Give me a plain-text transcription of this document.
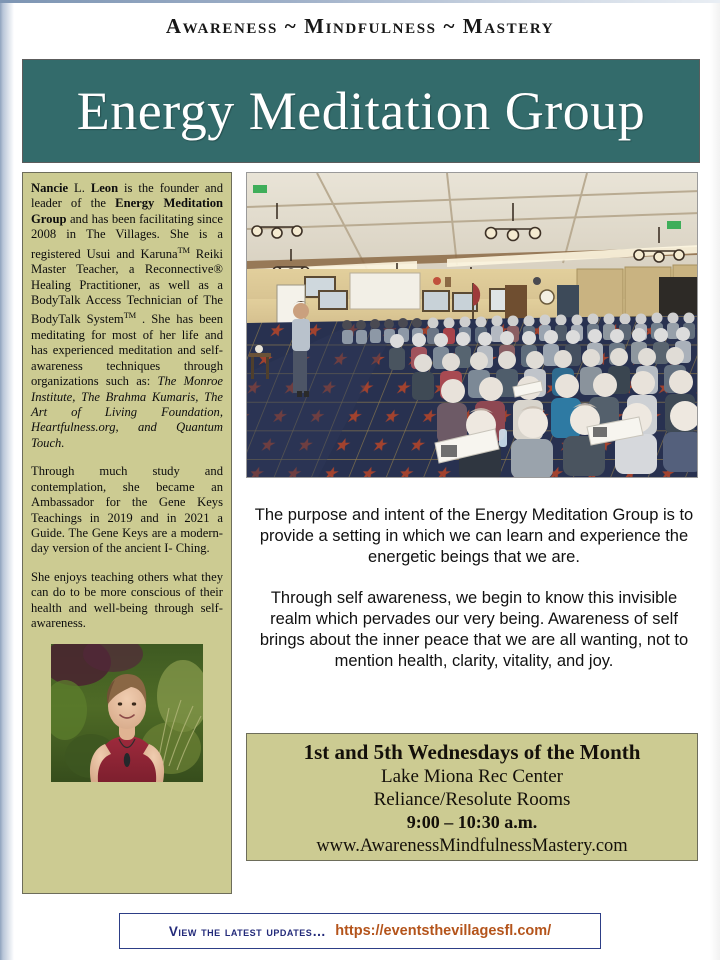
Awareness ~ Mindfulness ~ Mastery
Energy Meditation Group

Nancie L. Leon is the founder and leader of the Energy Meditation Group and has been facilitating since 2008 in The Villages. She is a registered Usui and Karuna™ Reiki Master Teacher, a Reconnective® Healing Practitioner, as well as a BodyTalk Access Technician of The BodyTalk System™ . She has been meditating for most of her life and has experienced meditation and self-awareness techniques through organizations such as: The Monroe Institute, The Brahma Kumaris, The Art of Living Foundation, Heartfulness.org, and Quantum Touch.

Through much study and contemplation, she became an Ambassador for the Gene Keys Teachings in 2019 and in 2021 a Guide. The Gene Keys are a modern-day version of the ancient I- Ching.

She enjoys teaching others what they can do to be more conscious of their health and well-being through self-awareness.

The purpose and intent of the Energy Meditation Group is to provide a setting in which we can learn and experience the energetic beings that we are.

Through self awareness, we begin to know this invisible realm which pervades our very being. Awareness of self brings about the inner peace that we are all wanting, not to mention health, clarity, vitality, and joy.

1st and 5th Wednesdays of the Month
Lake Miona Rec Center
Reliance/Resolute Rooms
9:00 – 10:30 a.m.
www.AwarenessMindfulnessMastery.com
View the latest updates… https://eventsthevillagesfl.com/
